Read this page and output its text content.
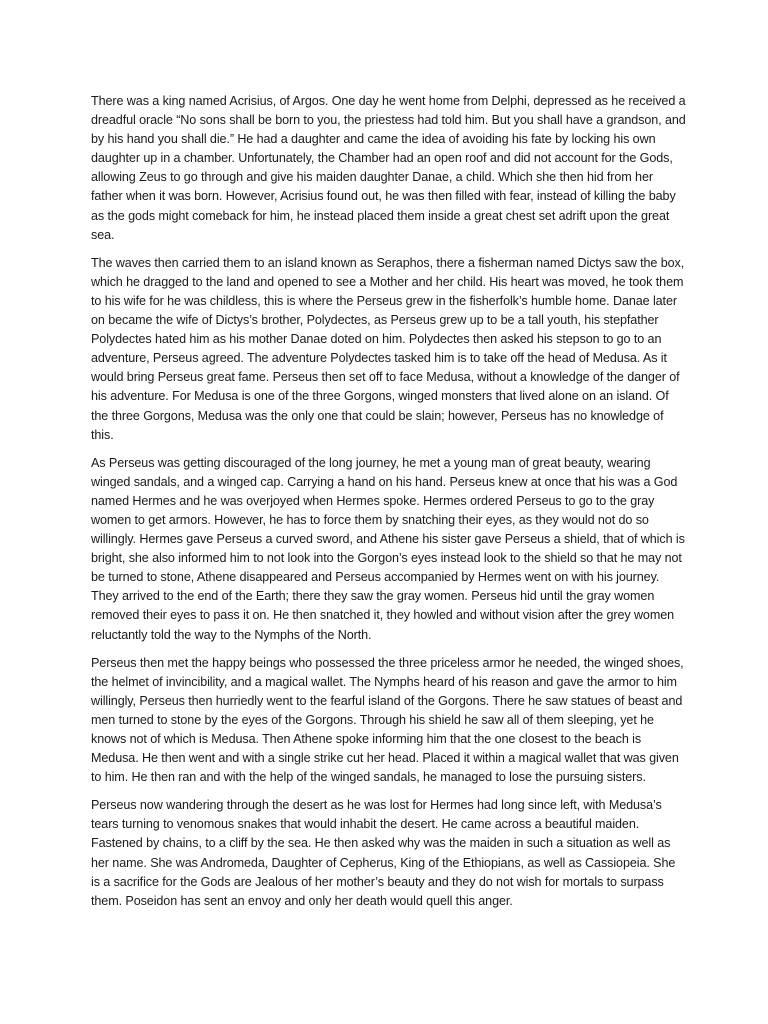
There was a king named Acrisius, of Argos. One day he went home from Delphi, depressed as he received a dreadful oracle “No sons shall be born to you, the priestess had told him. But you shall have a grandson, and by his hand you shall die.” He had a daughter and came the idea of avoiding his fate by locking his own daughter up in a chamber. Unfortunately, the Chamber had an open roof and did not account for the Gods, allowing Zeus to go through and give his maiden daughter Danae, a child. Which she then hid from her father when it was born. However, Acrisius found out, he was then filled with fear, instead of killing the baby as the gods might comeback for him, he instead placed them inside a great chest set adrift upon the great sea.

The waves then carried them to an island known as Seraphos, there a fisherman named Dictys saw the box, which he dragged to the land and opened to see a Mother and her child. His heart was moved, he took them to his wife for he was childless, this is where the Perseus grew in the fisherfolk’s humble home. Danae later on became the wife of Dictys’s brother, Polydectes, as Perseus grew up to be a tall youth, his stepfather Polydectes hated him as his mother Danae doted on him. Polydectes then asked his stepson to go to an adventure, Perseus agreed. The adventure Polydectes tasked him is to take off the head of Medusa. As it would bring Perseus great fame. Perseus then set off to face Medusa, without a knowledge of the danger of his adventure. For Medusa is one of the three Gorgons, winged monsters that lived alone on an island. Of the three Gorgons, Medusa was the only one that could be slain; however, Perseus has no knowledge of this.

As Perseus was getting discouraged of the long journey, he met a young man of great beauty, wearing winged sandals, and a winged cap. Carrying a hand on his hand. Perseus knew at once that his was a God named Hermes and he was overjoyed when Hermes spoke. Hermes ordered Perseus to go to the gray women to get armors. However, he has to force them by snatching their eyes, as they would not do so willingly. Hermes gave Perseus a curved sword, and Athene his sister gave Perseus a shield, that of which is bright, she also informed him to not look into the Gorgon’s eyes instead look to the shield so that he may not be turned to stone, Athene disappeared and Perseus accompanied by Hermes went on with his journey. They arrived to the end of the Earth; there they saw the gray women. Perseus hid until the gray women removed their eyes to pass it on. He then snatched it, they howled and without vision after the grey women reluctantly told the way to the Nymphs of the North.

Perseus then met the happy beings who possessed the three priceless armor he needed, the winged shoes, the helmet of invincibility, and a magical wallet. The Nymphs heard of his reason and gave the armor to him willingly, Perseus then hurriedly went to the fearful island of the Gorgons. There he saw statues of beast and men turned to stone by the eyes of the Gorgons. Through his shield he saw all of them sleeping, yet he knows not of which is Medusa. Then Athene spoke informing him that the one closest to the beach is Medusa. He then went and with a single strike cut her head. Placed it within a magical wallet that was given to him. He then ran and with the help of the winged sandals, he managed to lose the pursuing sisters.

Perseus now wandering through the desert as he was lost for Hermes had long since left, with Medusa’s tears turning to venomous snakes that would inhabit the desert. He came across a beautiful maiden. Fastened by chains, to a cliff by the sea. He then asked why was the maiden in such a situation as well as her name. She was Andromeda, Daughter of Cepherus, King of the Ethiopians, as well as Cassiopeia. She is a sacrifice for the Gods are Jealous of her mother’s beauty and they do not wish for mortals to surpass them. Poseidon has sent an envoy and only her death would quell this anger.
